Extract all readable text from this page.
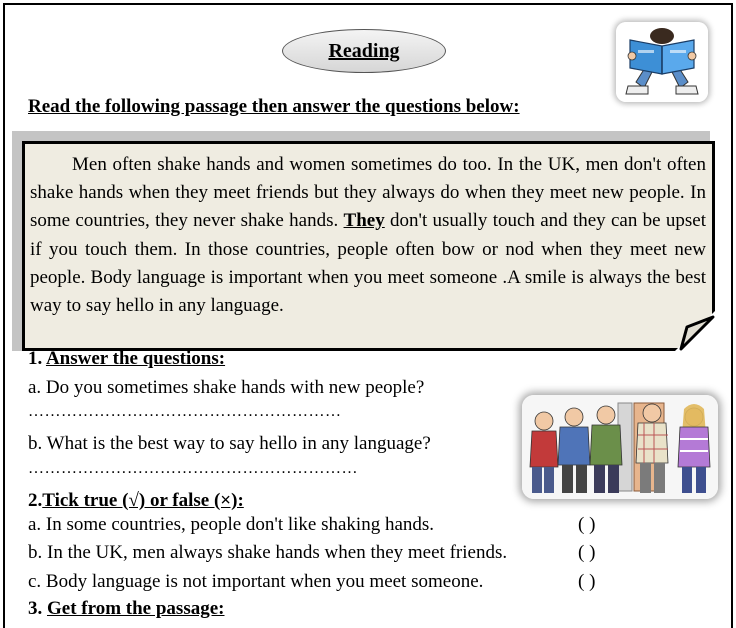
Reading
Read the following passage then answer the questions below:

Men often shake hands and women sometimes do too. In the UK, men don't often shake hands when they meet friends but they always do when they meet new people. In some countries, they never shake hands. They don't usually touch and they can be upset if you touch them. In those countries, people often bow or nod when they meet new people. Body language is important when you meet someone .A smile is always the best way to say hello in any language.

1. Answer the questions:
a. Do you sometimes shake hands with new people?
…………………………………………………
b. What is the best way to say hello in any language?
……………………………………………………
2.Tick true (√) or false (×):
a. In some countries, people don't like shaking hands.	( )
b. In the UK, men always shake hands when they meet friends.	( )
c. Body language is not important when you meet someone.	( )
3. Get from the passage:
